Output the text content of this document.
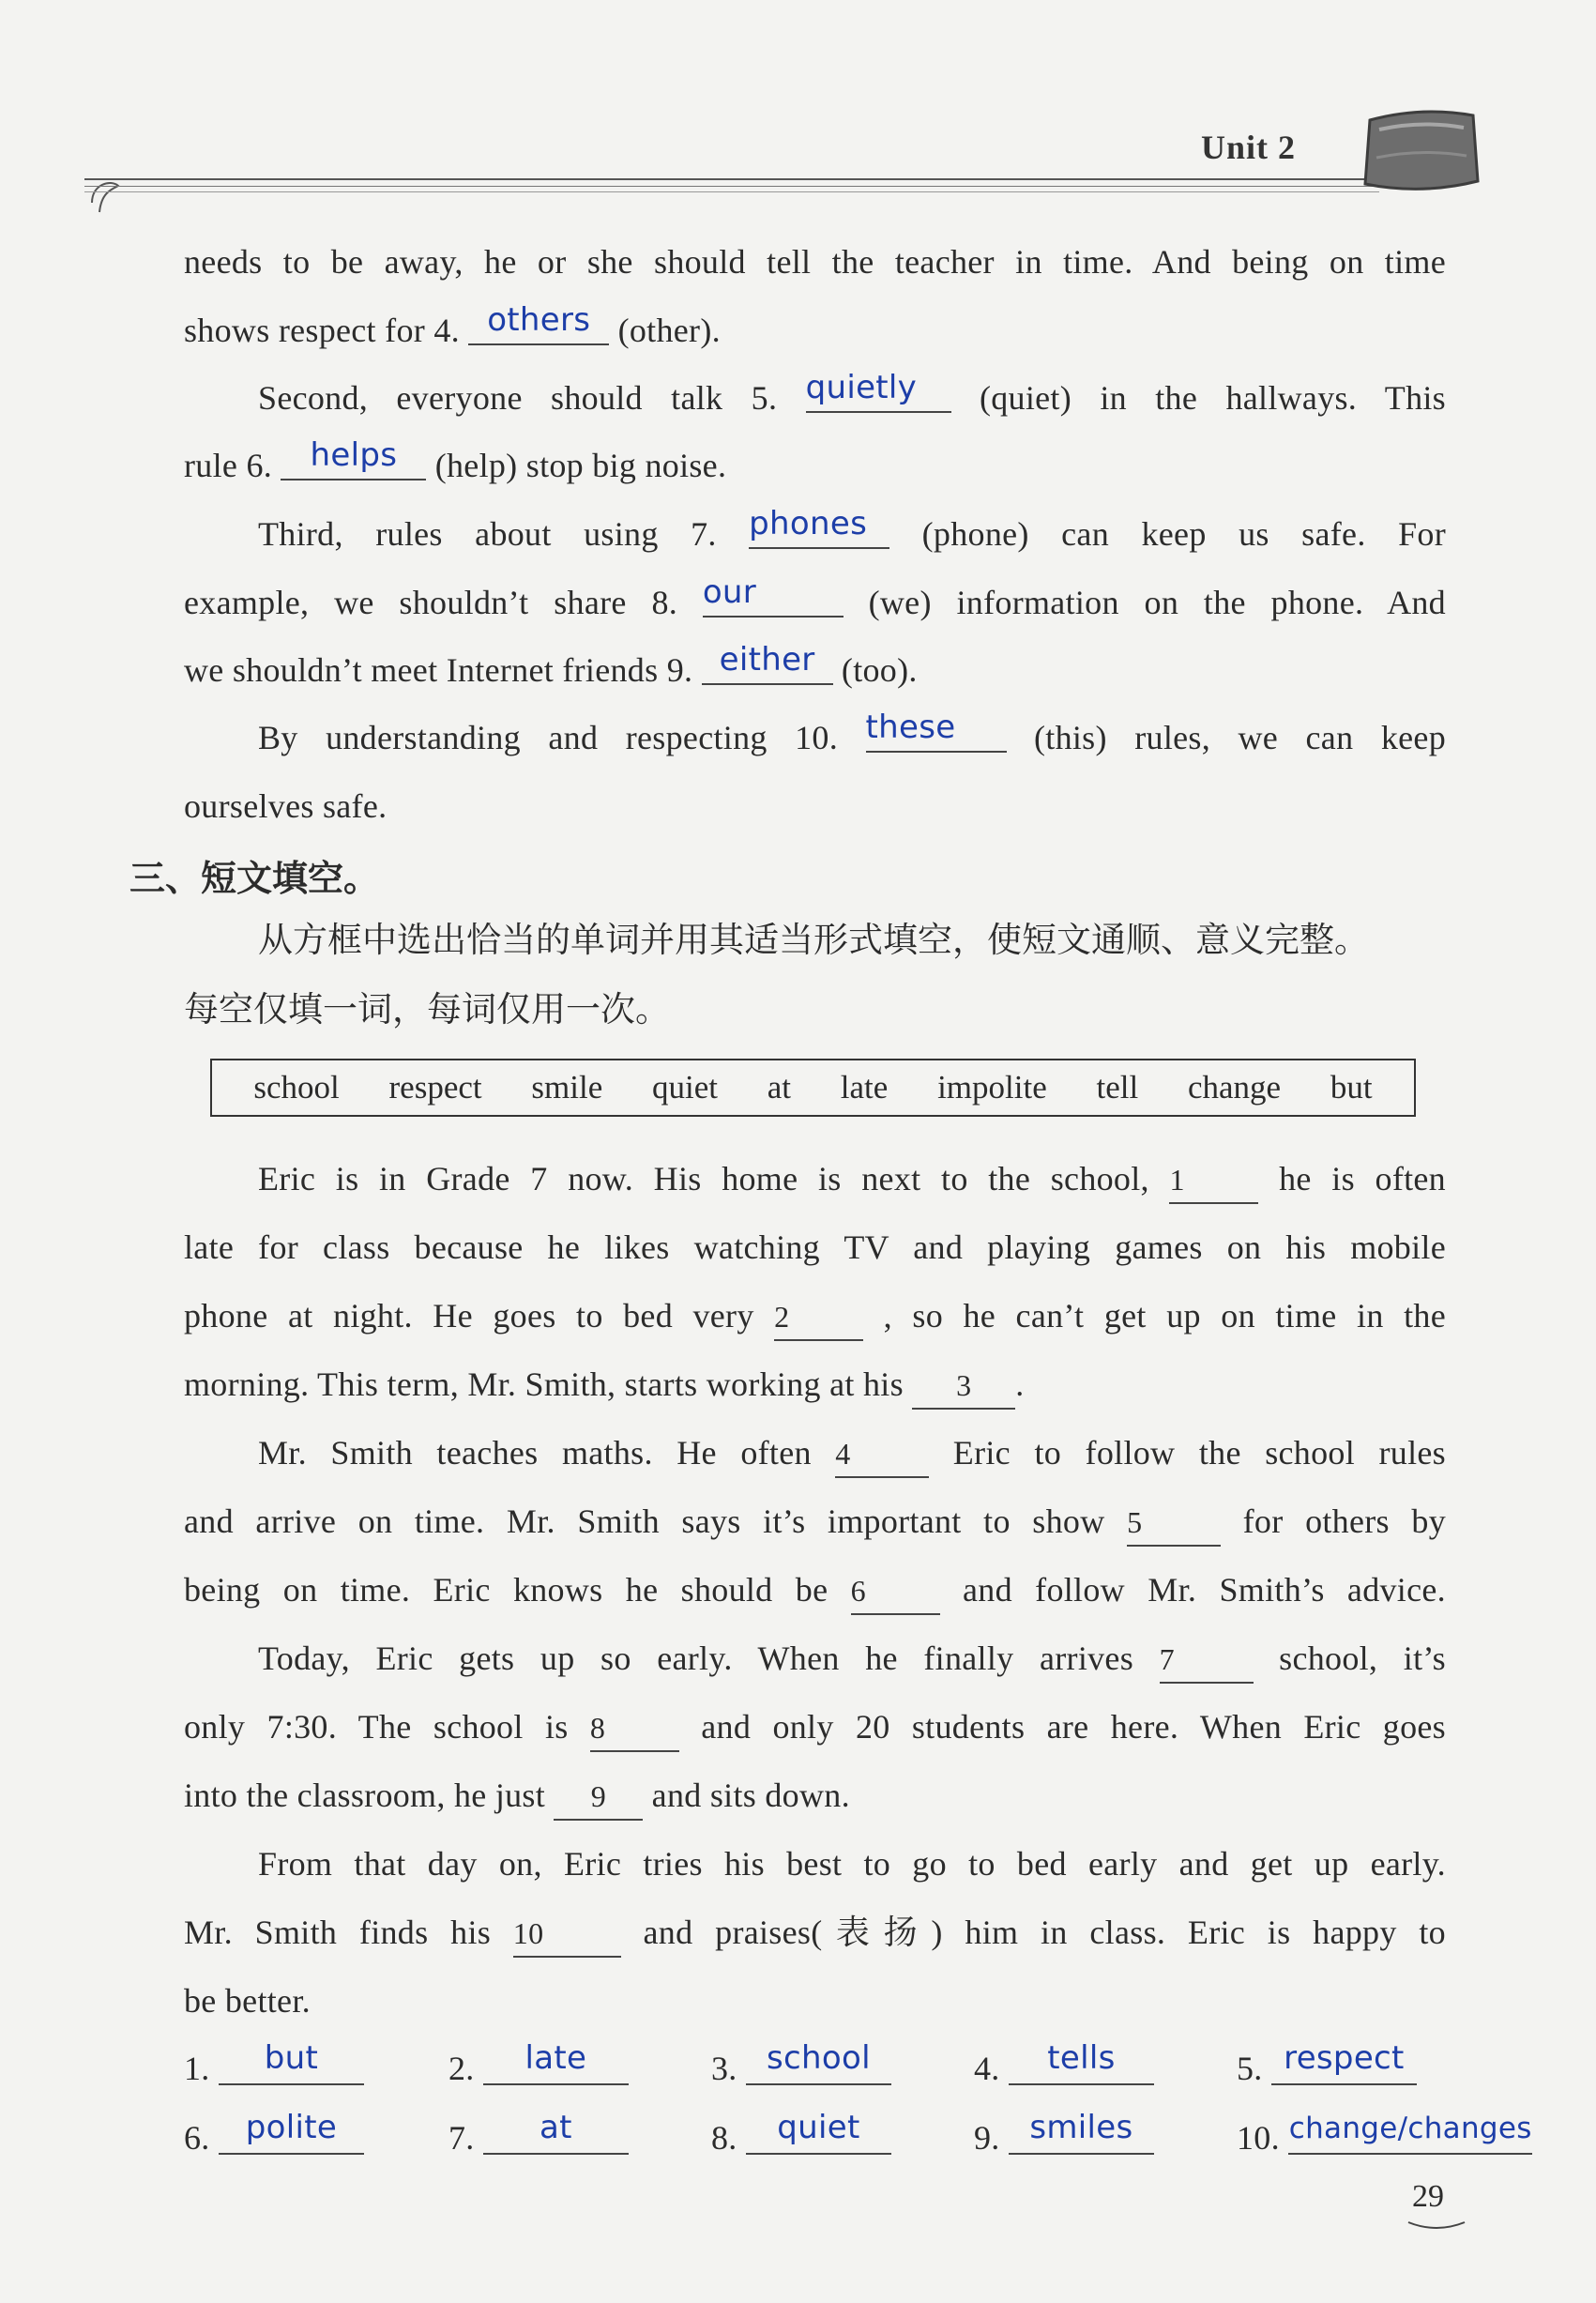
Unit 2
needs to be away, he or she should tell the teacher in time. And being on time
shows respect for 4. others (other).
Second, everyone should talk 5. quietly (quiet) in the hallways. This
rule 6. helps (help) stop big noise.
Third, rules about using 7. phones (phone) can keep us safe. For
example, we shouldn’t share 8. our	(we) information on the phone. And
we shouldn’t meet Internet friends 9. either (too).
By understanding and respecting 10. these (this) rules, we can keep
ourselves safe.
三、短文填空。
从方框中选出恰当的单词并用其适当形式填空，使短文通顺、意义完整。
每空仅填一词，每词仅用一次。
school respect smile quiet at late impolite tell change but
Eric is in Grade 7 now. His home is next to the school, 1	he is often
late for class because he likes watching TV and playing games on his mobile
phone at night. He goes to bed very 2	, so he can’t get up on time in the
morning. This term, Mr. Smith, starts working at his 3 .
Mr. Smith teaches maths. He often 4	Eric to follow the school rules
and arrive on time. Mr. Smith says it’s important to show 5	for others by
being on time. Eric knows he should be 6	and follow Mr. Smith’s advice.
Today, Eric gets up so early. When he finally arrives 7	school, it’s
only 7:30. The school is 8	and only 20 students are here. When Eric goes
into the classroom, he just 9 and sits down.
From that day on, Eric tries his best to go to bed early and get up early.
Mr. Smith finds his 10	and praises(表扬) him in class. Eric is happy to
be better.
1. but	2. late	3. school	4. tells	5. respect
6. polite	7. at	8. quiet	9. smiles	10. change/changes
29
